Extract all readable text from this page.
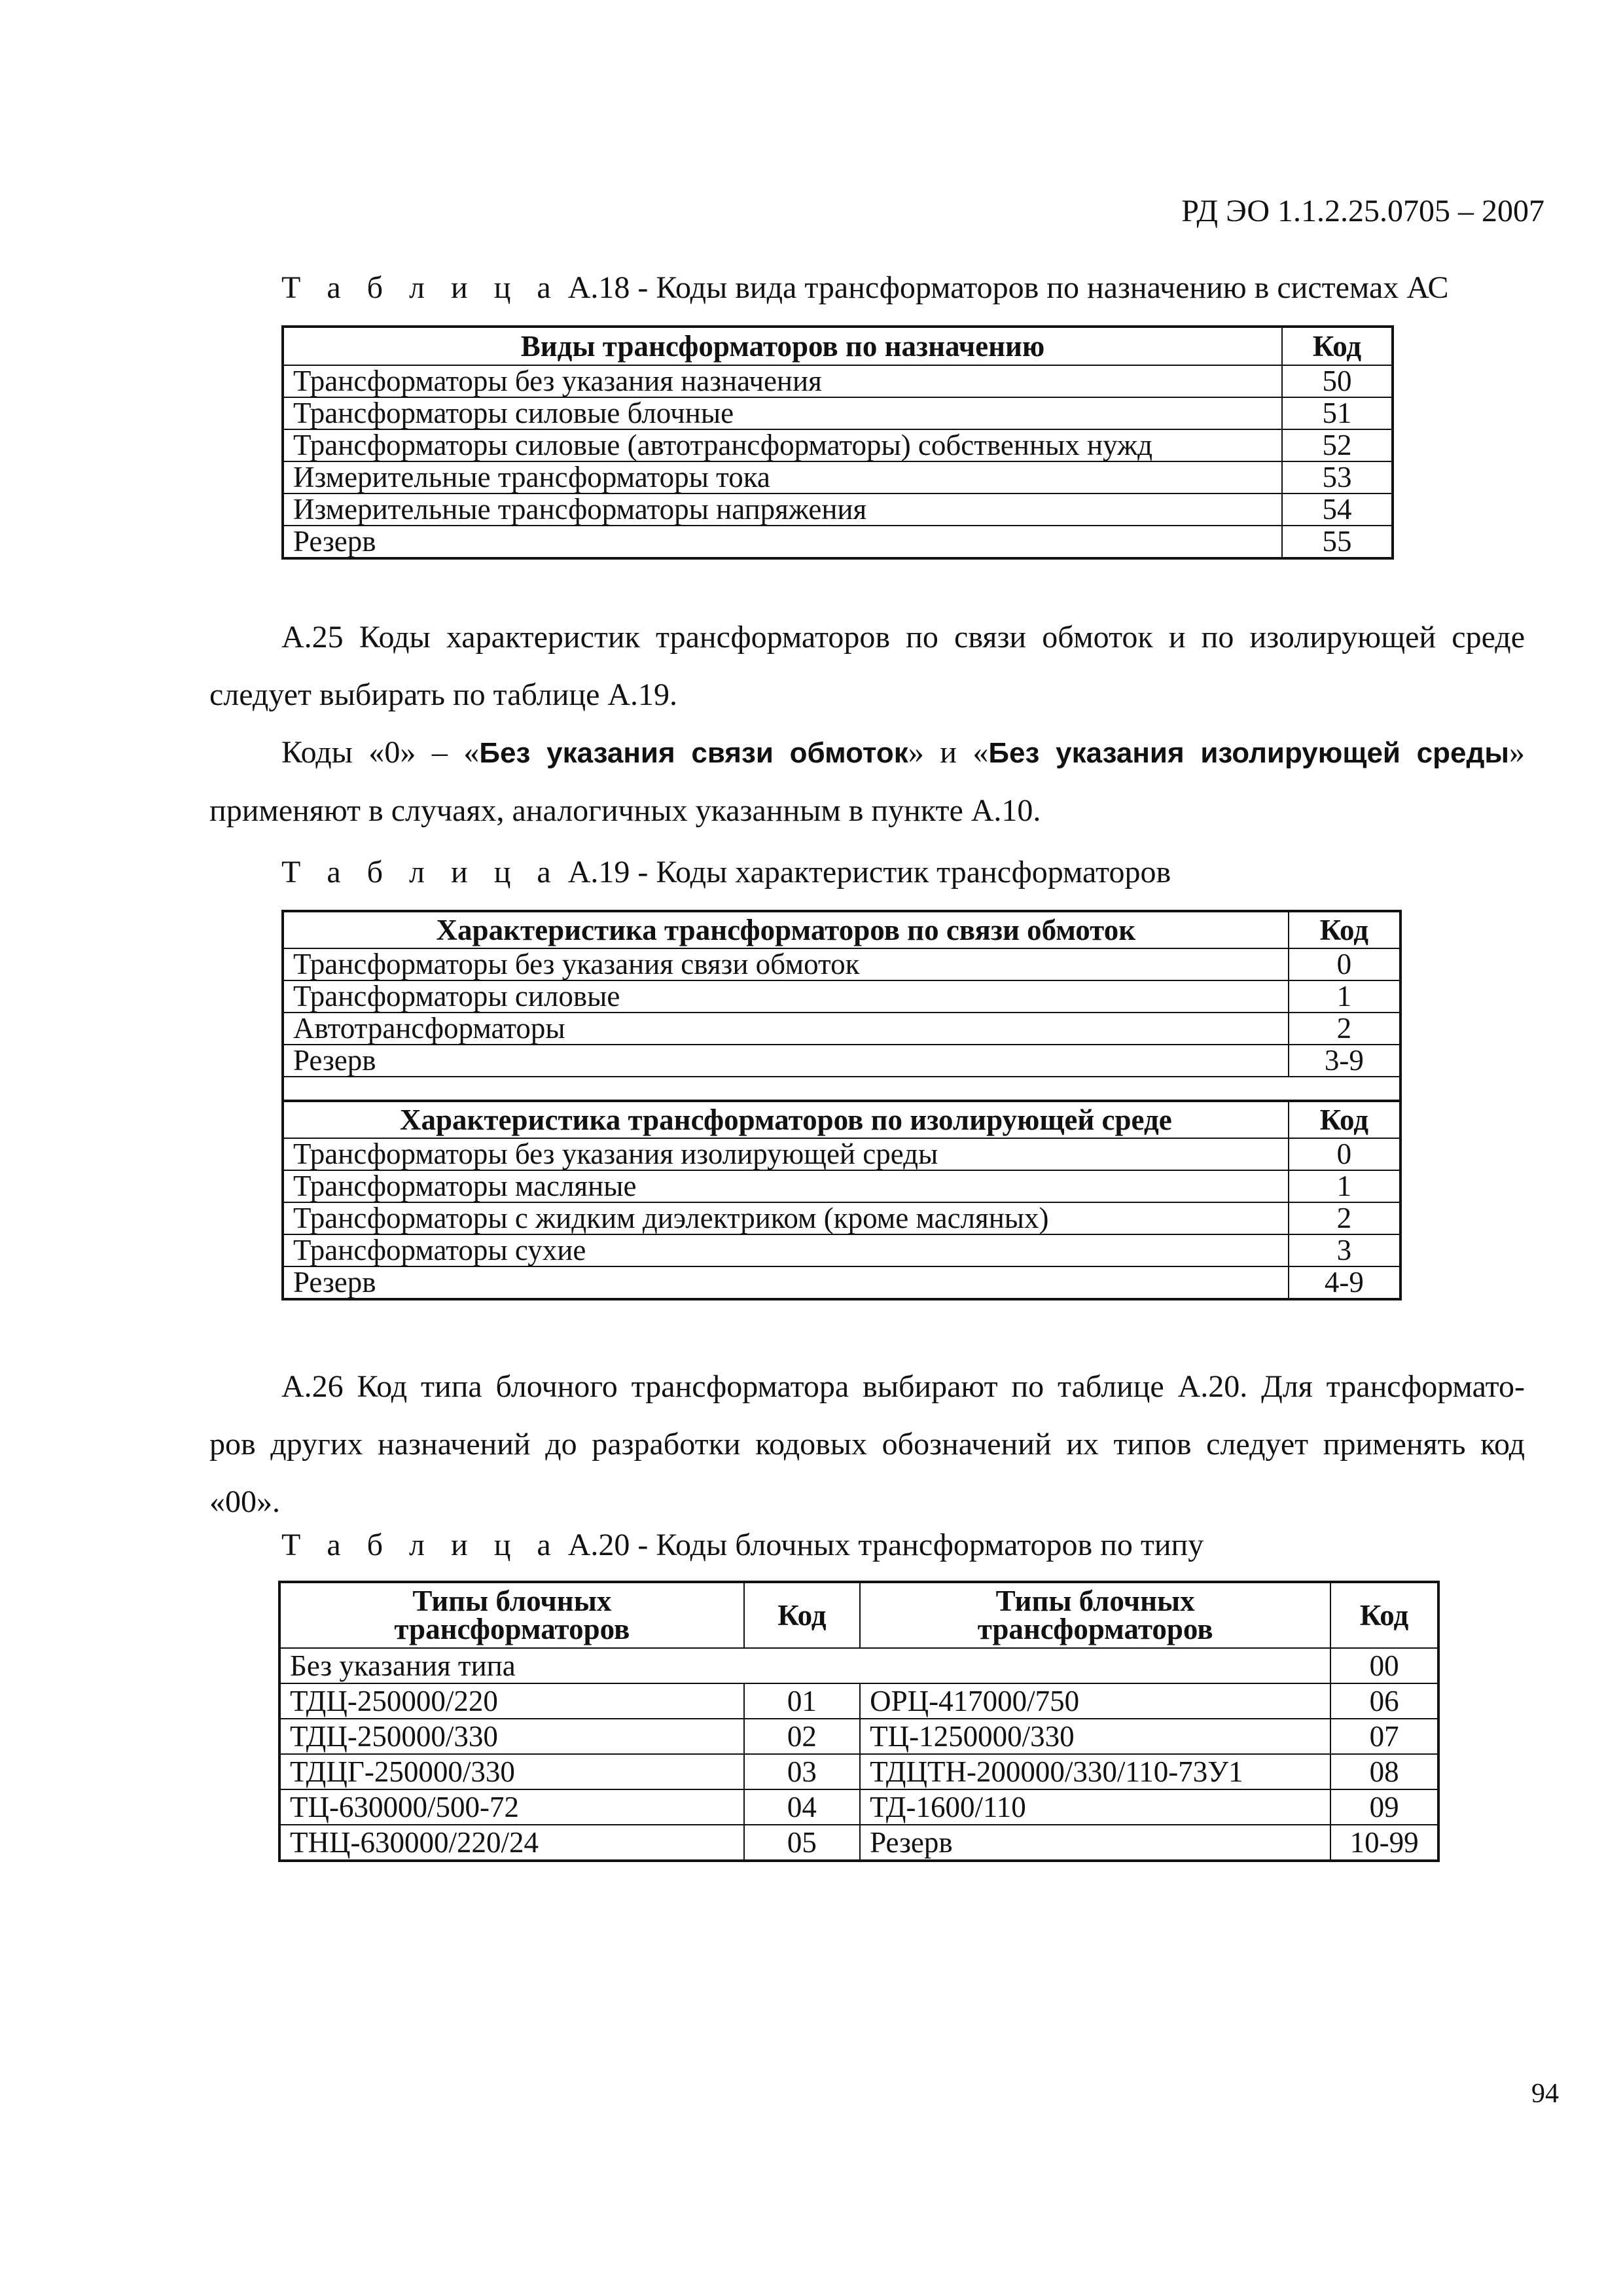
РД ЭО 1.1.2.25.0705 – 2007
Т а б л и ц а А.18 - Коды вида трансформаторов по назначению в системах АС
Виды трансформаторов по назначению	Код
Трансформаторы без указания назначения	50
Трансформаторы силовые блочные	51
Трансформаторы силовые (автотрансформаторы) собственных нужд	52
Измерительные трансформаторы тока	53
Измерительные трансформаторы напряжения	54
Резерв	55
А.25 Коды характеристик трансформаторов по связи обмоток и по изолирующей среде
следует выбирать по таблице А.19.
Коды «0» – «Без указания связи обмоток» и «Без указания изолирующей среды»
применяют в случаях, аналогичных указанным в пункте А.10.
Т а б л и ц а А.19 - Коды характеристик трансформаторов
Характеристика трансформаторов по связи обмоток	Код
Трансформаторы без указания связи обмоток	0
Трансформаторы силовые	1
Автотрансформаторы	2
Резерв	3-9

Характеристика трансформаторов по изолирующей среде	Код
Трансформаторы без указания изолирующей среды	0
Трансформаторы масляные	1
Трансформаторы с жидким диэлектриком (кроме масляных)	2
Трансформаторы сухие	3
Резерв	4-9
А.26 Код типа блочного трансформатора выбирают по таблице А.20. Для трансформато-
ров других назначений до разработки кодовых обозначений их типов следует применять код
«00».
Т а б л и ц а А.20 - Коды блочных трансформаторов по типу
Типы блочных
трансформаторов	Код	Типы блочных
трансформаторов	Код
Без указания типа			00
ТДЦ-250000/220	01	ОРЦ-417000/750	06
ТДЦ-250000/330	02	ТЦ-1250000/330	07
ТДЦГ-250000/330	03	ТДЦТН-200000/330/110-73У1	08
ТЦ-630000/500-72	04	ТД-1600/110	09
ТНЦ-630000/220/24	05	Резерв	10-99
94
